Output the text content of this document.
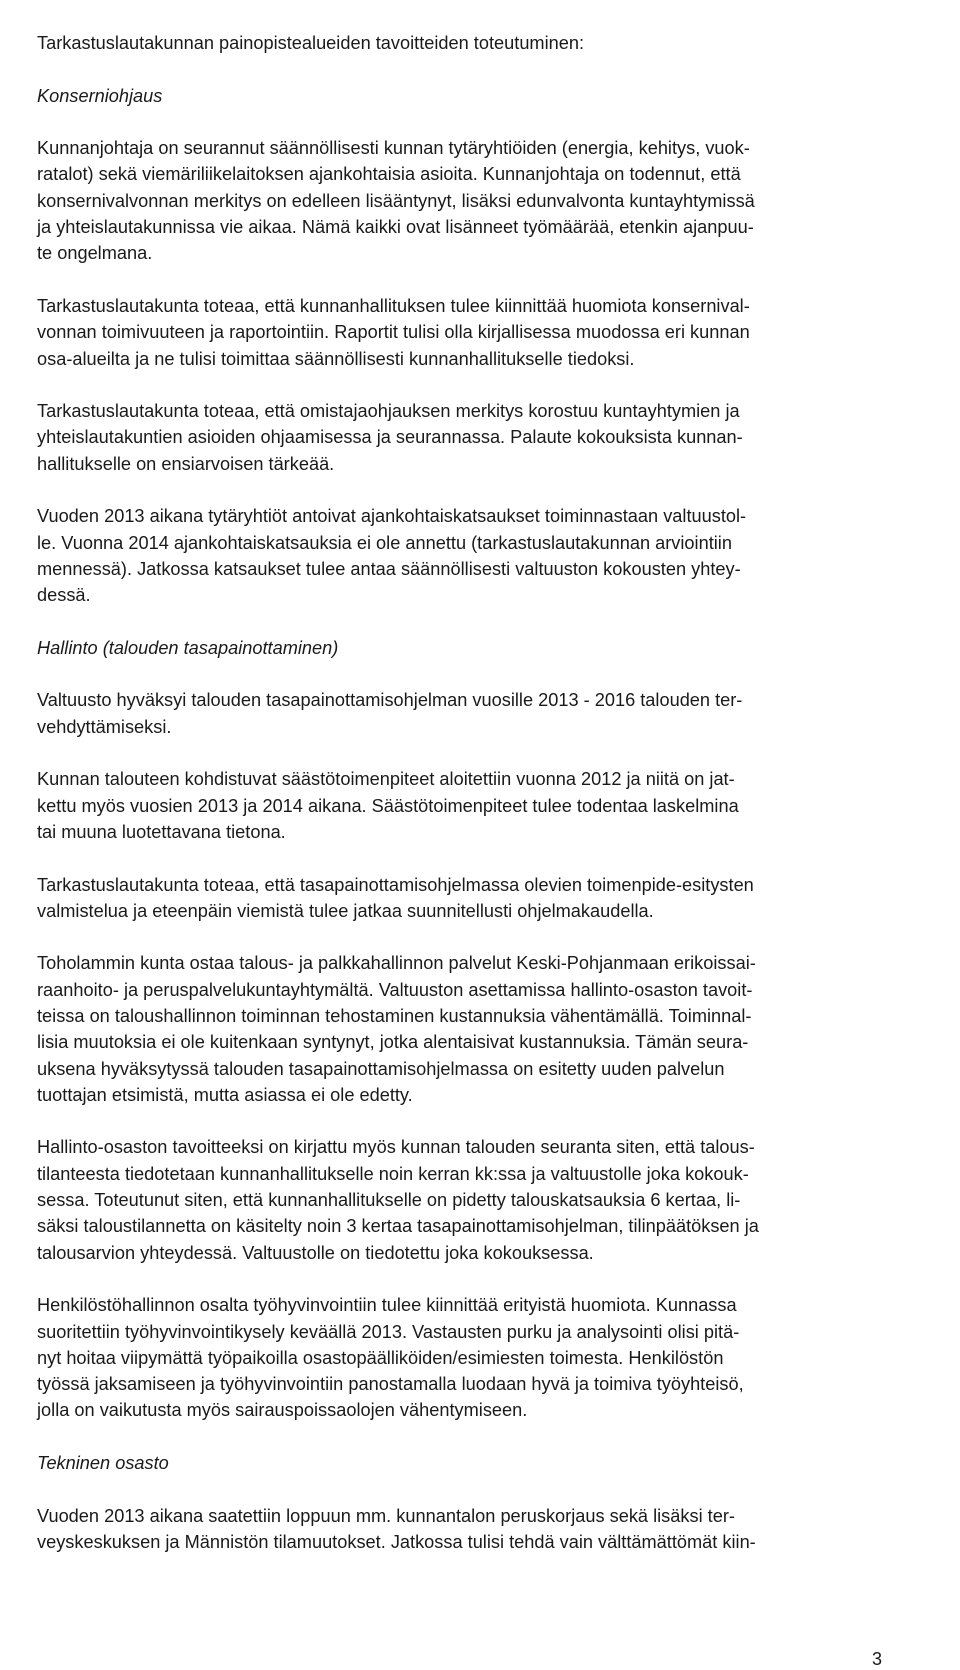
Tarkastuslautakunnan painopistealueiden tavoitteiden toteutuminen:
Konserniohjaus
Kunnanjohtaja on seurannut säännöllisesti kunnan tytäryhtiöiden (energia, kehitys, vuok-
ratalot) sekä viemäriliikelaitoksen ajankohtaisia asioita. Kunnanjohtaja on todennut, että
konsernivalvonnan merkitys on edelleen lisääntynyt, lisäksi edunvalvonta kuntayhtymissä
ja yhteislautakunnissa vie aikaa. Nämä kaikki ovat lisänneet työmäärää, etenkin ajanpuu-
te ongelmana.
Tarkastuslautakunta toteaa, että kunnanhallituksen tulee kiinnittää huomiota konsernival-
vonnan toimivuuteen ja raportointiin. Raportit tulisi olla kirjallisessa muodossa eri kunnan
osa-alueilta ja ne tulisi toimittaa säännöllisesti kunnanhallitukselle tiedoksi.
Tarkastuslautakunta toteaa, että omistajaohjauksen merkitys korostuu kuntayhtymien ja
yhteislautakuntien asioiden ohjaamisessa ja seurannassa. Palaute kokouksista kunnan-
hallitukselle on ensiarvoisen tärkeää.
Vuoden 2013 aikana tytäryhtiöt antoivat ajankohtaiskatsaukset toiminnastaan valtuustol-
le. Vuonna 2014 ajankohtaiskatsauksia ei ole annettu (tarkastuslautakunnan arviointiin
mennessä). Jatkossa katsaukset tulee antaa säännöllisesti valtuuston kokousten yhtey-
dessä.
Hallinto (talouden tasapainottaminen)
Valtuusto hyväksyi talouden tasapainottamisohjelman vuosille 2013 - 2016 talouden ter-
vehdyttämiseksi.
Kunnan talouteen kohdistuvat säästötoimenpiteet aloitettiin vuonna 2012 ja niitä on jat-
kettu myös vuosien 2013 ja 2014 aikana. Säästötoimenpiteet tulee todentaa laskelmina
tai muuna luotettavana tietona.
Tarkastuslautakunta toteaa, että tasapainottamisohjelmassa olevien toimenpide-esitysten
valmistelua ja eteenpäin viemistä tulee jatkaa suunnitellusti ohjelmakaudella.
Toholammin kunta ostaa talous- ja palkkahallinnon palvelut Keski-Pohjanmaan erikoissai-
raanhoito- ja peruspalvelukuntayhtymältä. Valtuuston asettamissa hallinto-osaston tavoit-
teissa on taloushallinnon toiminnan tehostaminen kustannuksia vähentämällä. Toiminnal-
lisia muutoksia ei ole kuitenkaan syntynyt, jotka alentaisivat kustannuksia. Tämän seura-
uksena hyväksytyssä talouden tasapainottamisohjelmassa on esitetty uuden palvelun
tuottajan etsimistä, mutta asiassa ei ole edetty.
Hallinto-osaston tavoitteeksi on kirjattu myös kunnan talouden seuranta siten, että talous-
tilanteesta tiedotetaan kunnanhallitukselle noin kerran kk:ssa ja valtuustolle joka kokouk-
sessa. Toteutunut siten, että kunnanhallitukselle on pidetty talouskatsauksia 6 kertaa, li-
säksi taloustilannetta on käsitelty noin 3 kertaa tasapainottamisohjelman, tilinpäätöksen ja
talousarvion yhteydessä. Valtuustolle on tiedotettu joka kokouksessa.
Henkilöstöhallinnon osalta työhyvinvointiin tulee kiinnittää erityistä huomiota. Kunnassa
suoritettiin työhyvinvointikysely keväällä 2013. Vastausten purku ja analysointi olisi pitä-
nyt hoitaa viipymättä työpaikoilla osastopäälliköiden/esimiesten toimesta. Henkilöstön
työssä jaksamiseen ja työhyvinvointiin panostamalla luodaan hyvä ja toimiva työyhteisö,
jolla on vaikutusta myös sairauspoissaolojen vähentymiseen.
Tekninen osasto
Vuoden 2013 aikana saatettiin loppuun mm. kunnantalon peruskorjaus sekä lisäksi ter-
veyskeskuksen ja Männistön tilamuutokset. Jatkossa tulisi tehdä vain välttämättömät kiin-
3
